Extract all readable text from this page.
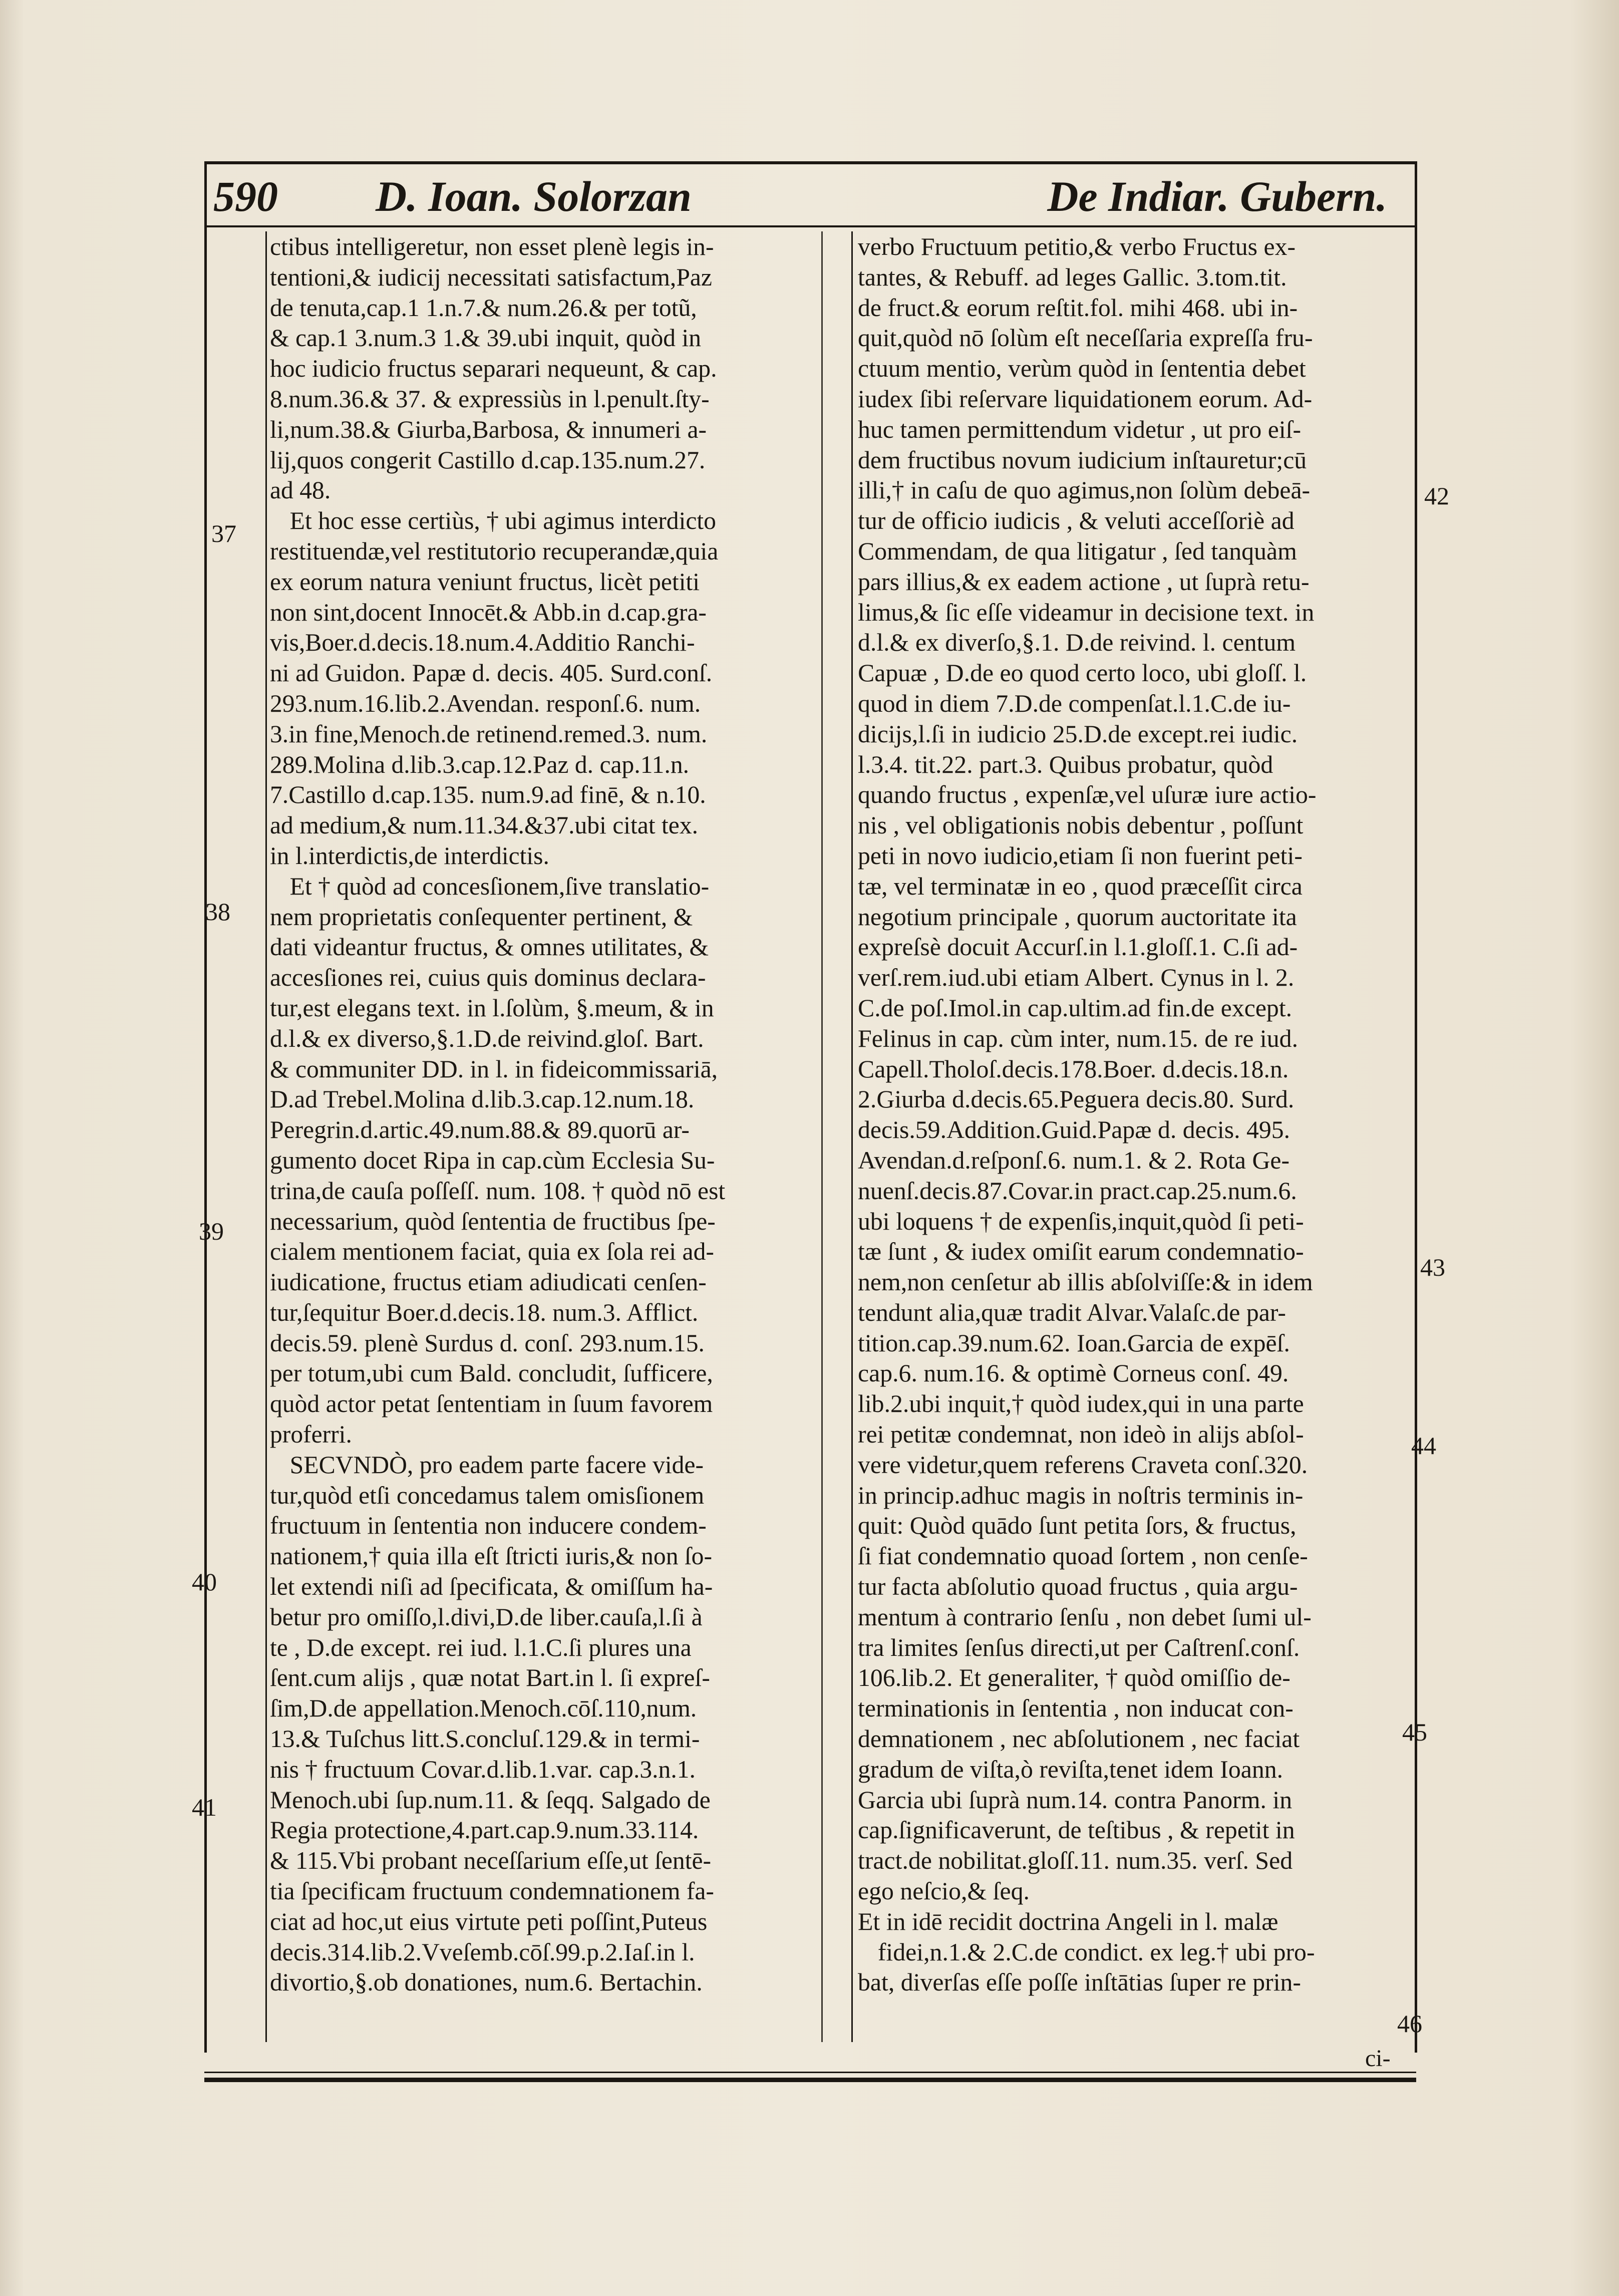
590 D. Ioan. Solorzan	De Indiar. Gubern.
ctibus intelligeretur, non esset plenè legis in-
tentioni,& iudicij necessitati satisfactum,Paz
de tenuta,cap.1 1.n.7.& num.26.& per totũ,
& cap.1 3.num.3 1.& 39.ubi inquit, quòd in
hoc iudicio fructus separari nequeunt, & cap.
8.num.36.& 37. & expressiùs in l.penult.ſty-
li,num.38.& Giurba,Barbosa, & innumeri a-
lij,quos congerit Castillo d.cap.135.num.27.
ad 48.
Et hoc esse certiùs, † ubi agimus interdicto
restituendæ,vel restitutorio recuperandæ,quia
ex eorum natura veniunt fructus, licèt petiti
non sint,docent Innocēt.& Abb.in d.cap.gra-
vis,Boer.d.decis.18.num.4.Additio Ranchi-
ni ad Guidon. Papæ d. decis. 405. Surd.conſ.
293.num.16.lib.2.Avendan. responſ.6. num.
3.in fine,Menoch.de retinend.remed.3. num.
289.Molina d.lib.3.cap.12.Paz d. cap.11.n.
7.Castillo d.cap.135. num.9.ad finē, & n.10.
ad medium,& num.11.34.&37.ubi citat tex.
in l.interdictis,de interdictis.
Et † quòd ad concesſionem,ſive translatio-
nem proprietatis conſequenter pertinent, &
dati videantur fructus, & omnes utilitates, &
accesſiones rei, cuius quis dominus declara-
tur,est elegans text. in l.ſolùm, §.meum, & in
d.l.& ex diverso,§.1.D.de reivind.gloſ. Bart.
& communiter DD. in l. in fideicommissariā,
D.ad Trebel.Molina d.lib.3.cap.12.num.18.
Peregrin.d.artic.49.num.88.& 89.quorū ar-
gumento docet Ripa in cap.cùm Ecclesia Su-
trina,de cauſa poſſeſſ. num. 108. † quòd nō est
necessarium, quòd ſententia de fructibus ſpe-
cialem mentionem faciat, quia ex ſola rei ad-
iudicatione, fructus etiam adiudicati cenſen-
tur,ſequitur Boer.d.decis.18. num.3. Afflict.
decis.59. plenè Surdus d. conſ. 293.num.15.
per totum,ubi cum Bald. concludit, ſufficere,
quòd actor petat ſententiam in ſuum favorem
proferri.
SECVNDÒ, pro eadem parte facere vide-
tur,quòd etſi concedamus talem omisſionem
fructuum in ſententia non inducere condem-
nationem,† quia illa eſt ſtricti iuris,& non ſo-
let extendi niſi ad ſpecificata, & omiſſum ha-
betur pro omiſſo,l.divi,D.de liber.cauſa,l.ſi à
te , D.de except. rei iud. l.1.C.ſi plures una
ſent.cum alijs , quæ notat Bart.in l. ſi expreſ-
ſim,D.de appellation.Menoch.cōſ.110,num.
13.& Tuſchus litt.S.concluſ.129.& in termi-
nis † fructuum Covar.d.lib.1.var. cap.3.n.1.
Menoch.ubi ſup.num.11. & ſeqq. Salgado de
Regia protectione,4.part.cap.9.num.33.114.
& 115.Vbi probant neceſſarium eſſe,ut ſentē-
tia ſpecificam fructuum condemnationem fa-
ciat ad hoc,ut eius virtute peti poſſint,Puteus
decis.314.lib.2.Vveſemb.cōſ.99.p.2.Iaſ.in l.
divortio,§.ob donationes, num.6. Bertachin.
verbo Fructuum petitio,& verbo Fructus ex-
tantes, & Rebuff. ad leges Gallic. 3.tom.tit.
de fruct.& eorum reſtit.fol. mihi 468. ubi in-
quit,quòd nō ſolùm eſt neceſſaria expreſſa fru-
ctuum mentio, verùm quòd in ſententia debet
iudex ſibi reſervare liquidationem eorum. Ad-
huc tamen permittendum videtur , ut pro eiſ-
dem fructibus novum iudicium inſtauretur;cū
illi,† in caſu de quo agimus,non ſolùm debeā-
tur de officio iudicis , & veluti acceſſoriè ad
Commendam, de qua litigatur , ſed tanquàm
pars illius,& ex eadem actione , ut ſuprà retu-
limus,& ſic eſſe videamur in decisione text. in
d.l.& ex diverſo,§.1. D.de reivind. l. centum
Capuæ , D.de eo quod certo loco, ubi gloſſ. l.
quod in diem 7.D.de compenſat.l.1.C.de iu-
dicijs,l.ſi in iudicio 25.D.de except.rei iudic.
l.3.4. tit.22. part.3. Quibus probatur, quòd
quando fructus , expenſæ,vel uſuræ iure actio-
nis , vel obligationis nobis debentur , poſſunt
peti in novo iudicio,etiam ſi non fuerint peti-
tæ, vel terminatæ in eo , quod præceſſit circa
negotium principale , quorum auctoritate ita
expreſsè docuit Accurſ.in l.1.gloſſ.1. C.ſi ad-
verſ.rem.iud.ubi etiam Albert. Cynus in l. 2.
C.de poſ.Imol.in cap.ultim.ad fin.de except.
Felinus in cap. cùm inter, num.15. de re iud.
Capell.Tholoſ.decis.178.Boer. d.decis.18.n.
2.Giurba d.decis.65.Peguera decis.80. Surd.
decis.59.Addition.Guid.Papæ d. decis. 495.
Avendan.d.reſponſ.6. num.1. & 2. Rota Ge-
nuenſ.decis.87.Covar.in pract.cap.25.num.6.
ubi loquens † de expenſis,inquit,quòd ſi peti-
tæ ſunt , & iudex omiſit earum condemnatio-
nem,non cenſetur ab illis abſolviſſe:& in idem
tendunt alia,quæ tradit Alvar.Valaſc.de par-
tition.cap.39.num.62. Ioan.Garcia de expēſ.
cap.6. num.16. & optimè Corneus conſ. 49.
lib.2.ubi inquit,† quòd iudex,qui in una parte
rei petitæ condemnat, non ideò in alijs abſol-
vere videtur,quem referens Craveta conſ.320.
in princip.adhuc magis in noſtris terminis in-
quit: Quòd quādo ſunt petita ſors, & fructus,
ſi fiat condemnatio quoad ſortem , non cenſe-
tur facta abſolutio quoad fructus , quia argu-
mentum à contrario ſenſu , non debet ſumi ul-
tra limites ſenſus directi,ut per Caſtrenſ.conſ.
106.lib.2. Et generaliter, † quòd omiſſio de-
terminationis in ſententia , non inducat con-
demnationem , nec abſolutionem , nec faciat
gradum de viſta,ò reviſta,tenet idem Ioann.
Garcia ubi ſuprà num.14. contra Panorm. in
cap.ſignificaverunt, de teſtibus , & repetit in
tract.de nobilitat.gloſſ.11. num.35. verſ. Sed
ego neſcio,& ſeq.
Et in idē recidit doctrina Angeli in l. malæ
fidei,n.1.& 2.C.de condict. ex leg.† ubi pro-
bat, diverſas eſſe poſſe inſtātias ſuper re prin-
37
38
39
40
41
42
43
44
45
46
ci-
